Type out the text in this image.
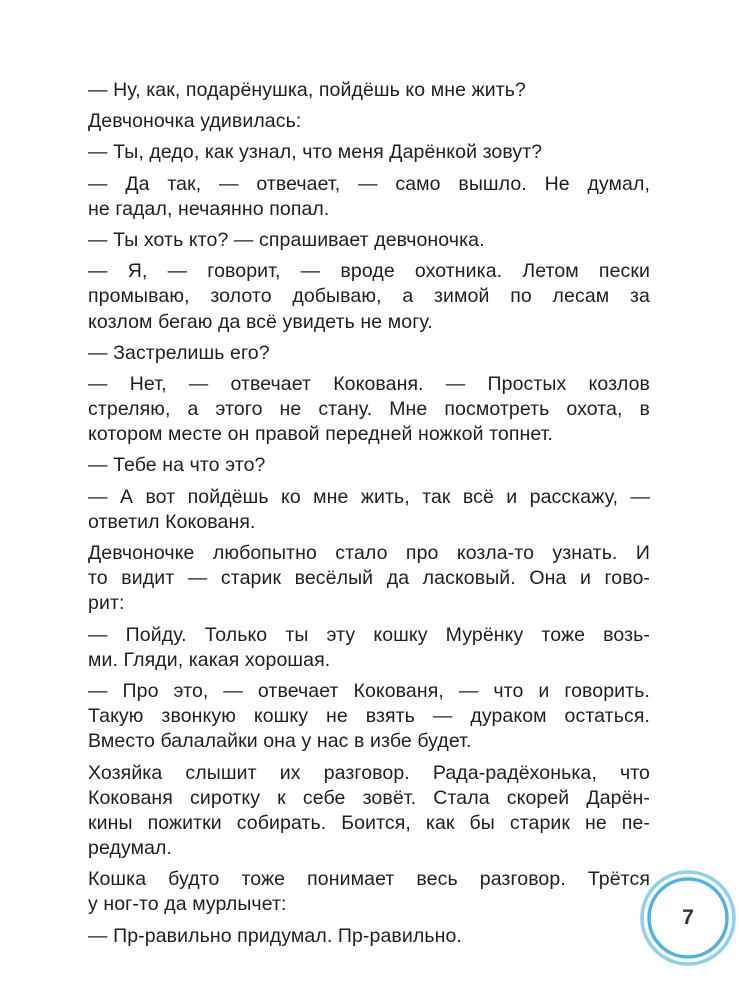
— Ну, как, подарёнушка, пойдёшь ко мне жить?

Девчоночка удивилась:

— Ты, дедо, как узнал, что меня Дарёнкой зовут?

— Да так, — отвечает, — само вышло. Не думал,
не гадал, нечаянно попал.

— Ты хоть кто? — спрашивает девчоночка.

— Я, — говорит, — вроде охотника. Летом пески
промываю, золото добываю, а зимой по лесам за
козлом бегаю да всё увидеть не могу.

— Застрелишь его?

— Нет, — отвечает Кокованя. — Простых козлов
стреляю, а этого не стану. Мне посмотреть охота, в
котором месте он правой передней ножкой топнет.

— Тебе на что это?

— А вот пойдёшь ко мне жить, так всё и расскажу, —
ответил Кокованя.

Девчоночке любопытно стало про козла-то узнать. И
то видит — старик весёлый да ласковый. Она и гово-
рит:

— Пойду. Только ты эту кошку Мурёнку тоже возь-
ми. Гляди, какая хорошая.

— Про это, — отвечает Кокованя, — что и говорить.
Такую звонкую кошку не взять — дураком остаться.
Вместо балалайки она у нас в избе будет.

Хозяйка слышит их разговор. Рада-радёхонька, что
Кокованя сиротку к себе зовёт. Стала скорей Дарён-
кины пожитки собирать. Боится, как бы старик не пе-
редумал.

Кошка будто тоже понимает весь разговор. Трётся
у ног-то да мурлычет:

— Пр-равильно придумал. Пр-равильно.

7
